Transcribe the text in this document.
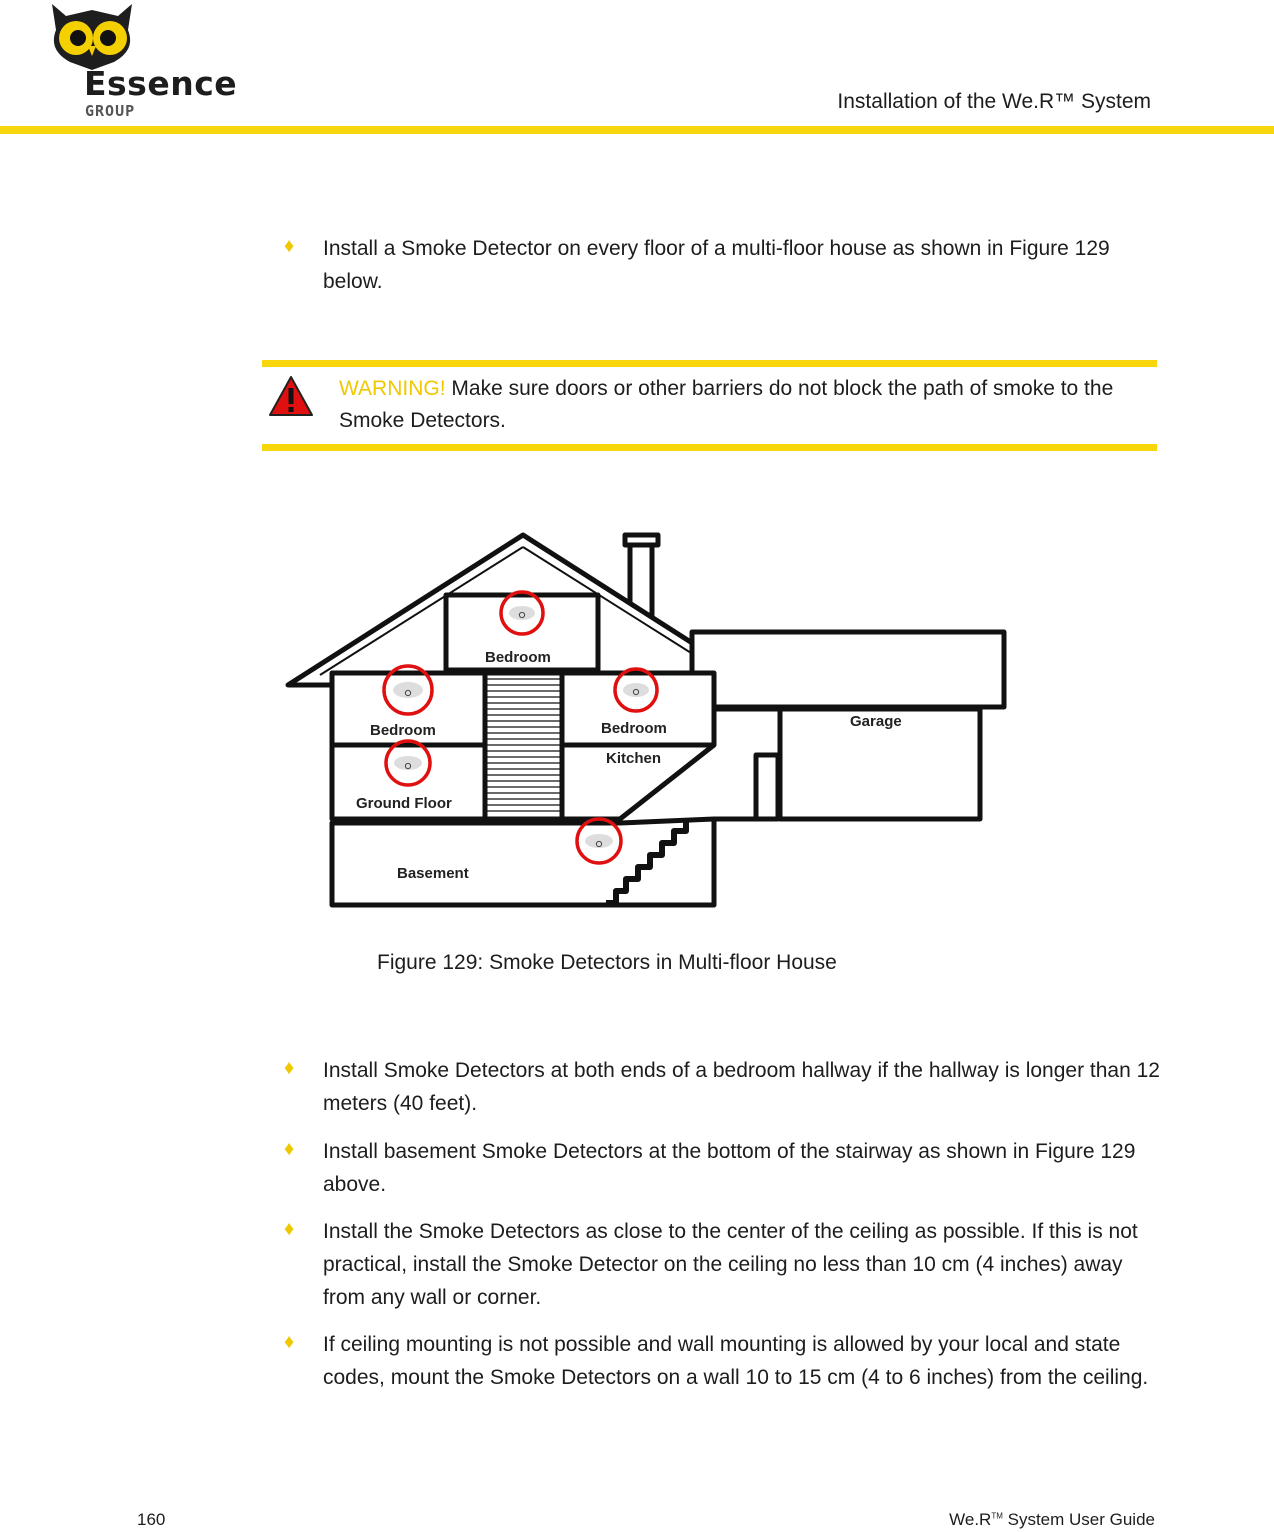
Essence
GROUP	Installation of the We.R™ System
♦ Install a Smoke Detector on every floor of a multi-floor house as shown in Figure 129 below.
WARNING! Make sure doors or other barriers do not block the path of smoke to the Smoke Detectors.
Bedroom
Bedroom	Bedroom
Kitchen
Ground Floor
Basement
Garage
Figure 129: Smoke Detectors in Multi-floor House
♦ Install Smoke Detectors at both ends of a bedroom hallway if the hallway is longer than 12 meters (40 feet).
♦ Install basement Smoke Detectors at the bottom of the stairway as shown in Figure 129 above.
♦ Install the Smoke Detectors as close to the center of the ceiling as possible. If this is not practical, install the Smoke Detector on the ceiling no less than 10 cm (4 inches) away from any wall or corner.
♦ If ceiling mounting is not possible and wall mounting is allowed by your local and state codes, mount the Smoke Detectors on a wall 10 to 15 cm (4 to 6 inches) from the ceiling.
160	We.R™ System User Guide
